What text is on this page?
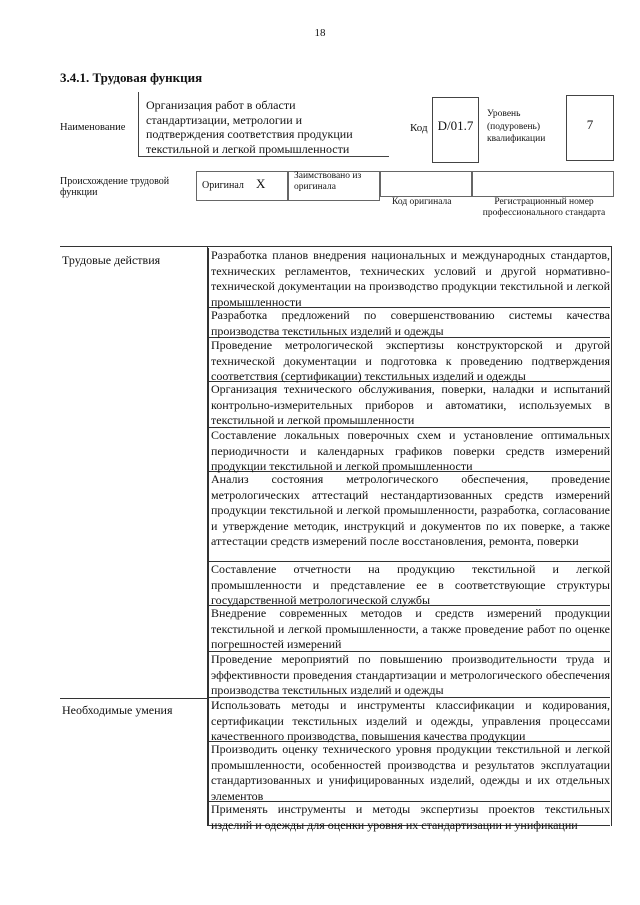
18
3.4.1. Трудовая функция
Наименование
Организация работ в области стандартизации, метрологии и подтверждения соответствия продукции текстильной и легкой промышленности
Код D/01.7
Уровень (подуровень) квалификации
7
Происхождение трудовой функции
Оригинал X	Заимствовано из оригинала
Код оригинала	Регистрационный номер профессионального стандарта
Трудовые действия
Необходимые умения
Разработка планов внедрения национальных и международных стандартов, технических регламентов, технических условий и другой нормативно-технической документации на производство продукции текстильной и легкой промышленности
Разработка предложений по совершенствованию системы качества производства текстильных изделий и одежды
Проведение метрологической экспертизы конструкторской и другой технической документации и подготовка к проведению подтверждения соответствия (сертификации) текстильных изделий и одежды
Организация технического обслуживания, поверки, наладки и испытаний контрольно-измерительных приборов и автоматики, используемых в текстильной и легкой промышленности
Составление локальных поверочных схем и установление оптимальных периодичности и календарных графиков поверки средств измерений продукции текстильной и легкой промышленности
Анализ состояния метрологического обеспечения, проведение метрологических аттестаций нестандартизованных средств измерений продукции текстильной и легкой промышленности, разработка, согласование и утверждение методик, инструкций и документов по их поверке, а также аттестации средств измерений после восстановления, ремонта, поверки
Составление отчетности на продукцию текстильной и легкой промышленности и представление ее в соответствующие структуры государственной метрологической службы
Внедрение современных методов и средств измерений продукции текстильной и легкой промышленности, а также проведение работ по оценке погрешностей измерений
Проведение мероприятий по повышению производительности труда и эффективности проведения стандартизации и метрологического обеспечения производства текстильных изделий и одежды
Использовать методы и инструменты классификации и кодирования, сертификации текстильных изделий и одежды, управления процессами качественного производства, повышения качества продукции
Производить оценку технического уровня продукции текстильной и легкой промышленности, особенностей производства и результатов эксплуатации стандартизованных и унифицированных изделий, одежды и их отдельных элементов
Применять инструменты и методы экспертизы проектов текстильных изделий и одежды для оценки уровня их стандартизации и унификации
